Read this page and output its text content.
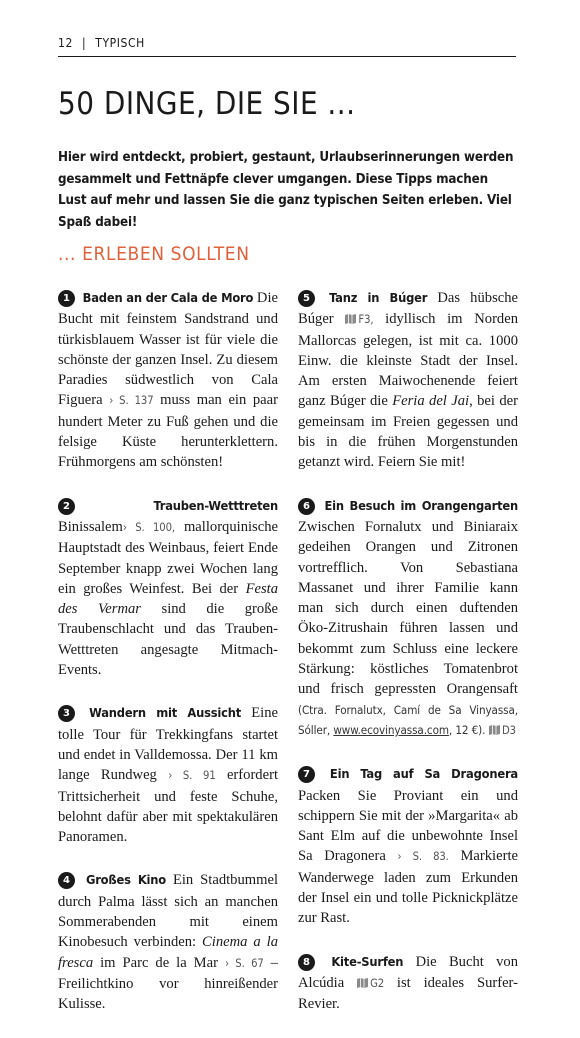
12 | TYPISCH
50 DINGE, DIE SIE ...
Hier wird entdeckt, probiert, gestaunt, Urlaubserinnerungen werden gesammelt und Fettnäpfe clever umgangen. Diese Tipps machen Lust auf mehr und lassen Sie die ganz typischen Seiten erleben. Viel Spaß dabei!
... ERLEBEN SOLLTEN

1 Baden an der Cala de Moro Die Bucht mit feinstem Sandstrand und türkisblauem Wasser ist für viele die schönste der ganzen Insel. Zu diesem Paradies südwestlich von Cala Figuera › S. 137 muss man ein paar hundert Meter zu Fuß gehen und die felsige Küste herunterklettern. Frühmorgens am schönsten!

2	Trauben-Wetttreten Binissalem› S. 100, mallorquinische Hauptstadt des Weinbaus, feiert Ende September knapp zwei Wochen lang ein großes Weinfest. Bei der Festa des Vermar sind die große Traubenschlacht und das Trauben-Wetttreten angesagte Mitmach-Events.

3 Wandern mit Aussicht Eine tolle Tour für Trekkingfans startet und endet in Valldemossa. Der 11 km lange Rundweg › S. 91 erfordert Trittsicherheit und feste Schuhe, belohnt dafür aber mit spektakulären Panoramen.

4 Großes Kino Ein Stadtbummel durch Palma lässt sich an manchen Sommerabenden mit einem Kinobesuch verbinden: Cinema a la fresca im Parc de la Mar › S. 67 – Freilichtkino vor hinreißender Kulisse.

5 Tanz in Búger Das hübsche Búger F3, idyllisch im Norden Mallorcas gelegen, ist mit ca. 1000 Einw. die kleinste Stadt der Insel. Am ersten Maiwochenende feiert ganz Búger die Feria del Jai, bei der gemeinsam im Freien gegessen und bis in die frühen Morgenstunden getanzt wird. Feiern Sie mit!

6 Ein Besuch im Orangengarten Zwischen Fornalutx und Biniaraix gedeihen Orangen und Zitronen vortrefflich. Von Sebastiana Massanet und ihrer Familie kann man sich durch einen duftenden Öko-Zitrushain führen lassen und bekommt zum Schluss eine leckere Stärkung: köstliches Tomatenbrot und frisch gepressten Orangensaft (Ctra. Fornalutx, Camí de Sa Vinyassa, Sóller, www.ecovinyassa.com, 12 €). D3

7 Ein Tag auf Sa Dragonera Packen Sie Proviant ein und schippern Sie mit der »Margarita« ab Sant Elm auf die unbewohnte Insel Sa Dragonera › S. 83. Markierte Wanderwege laden zum Erkunden der Insel ein und tolle Picknickplätze zur Rast.

8 Kite-Surfen Die Bucht von Alcúdia G2 ist ideales Surfer-Revier.
